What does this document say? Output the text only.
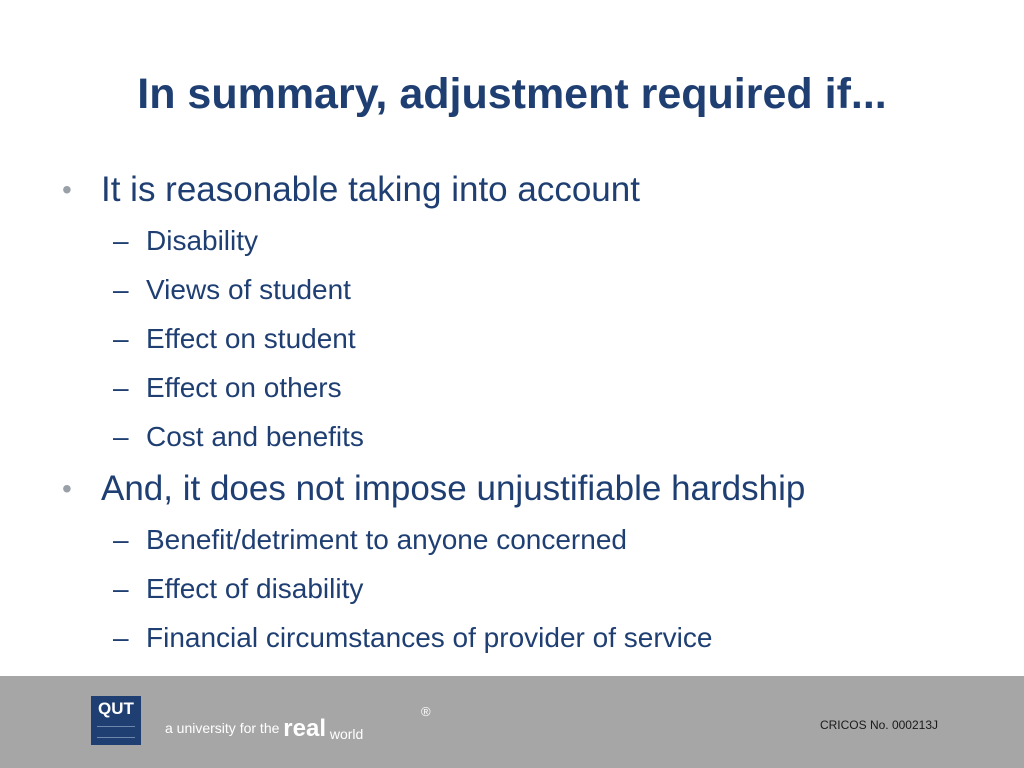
In summary, adjustment required if...
• It is reasonable taking into account
– Disability
– Views of student
– Effect on student
– Effect on others
– Cost and benefits
• And, it does not impose unjustifiable hardship
– Benefit/detriment to anyone concerned
– Effect of disability
– Financial circumstances of provider of service
QUT
a university for the real world
®
CRICOS No. 000213J
